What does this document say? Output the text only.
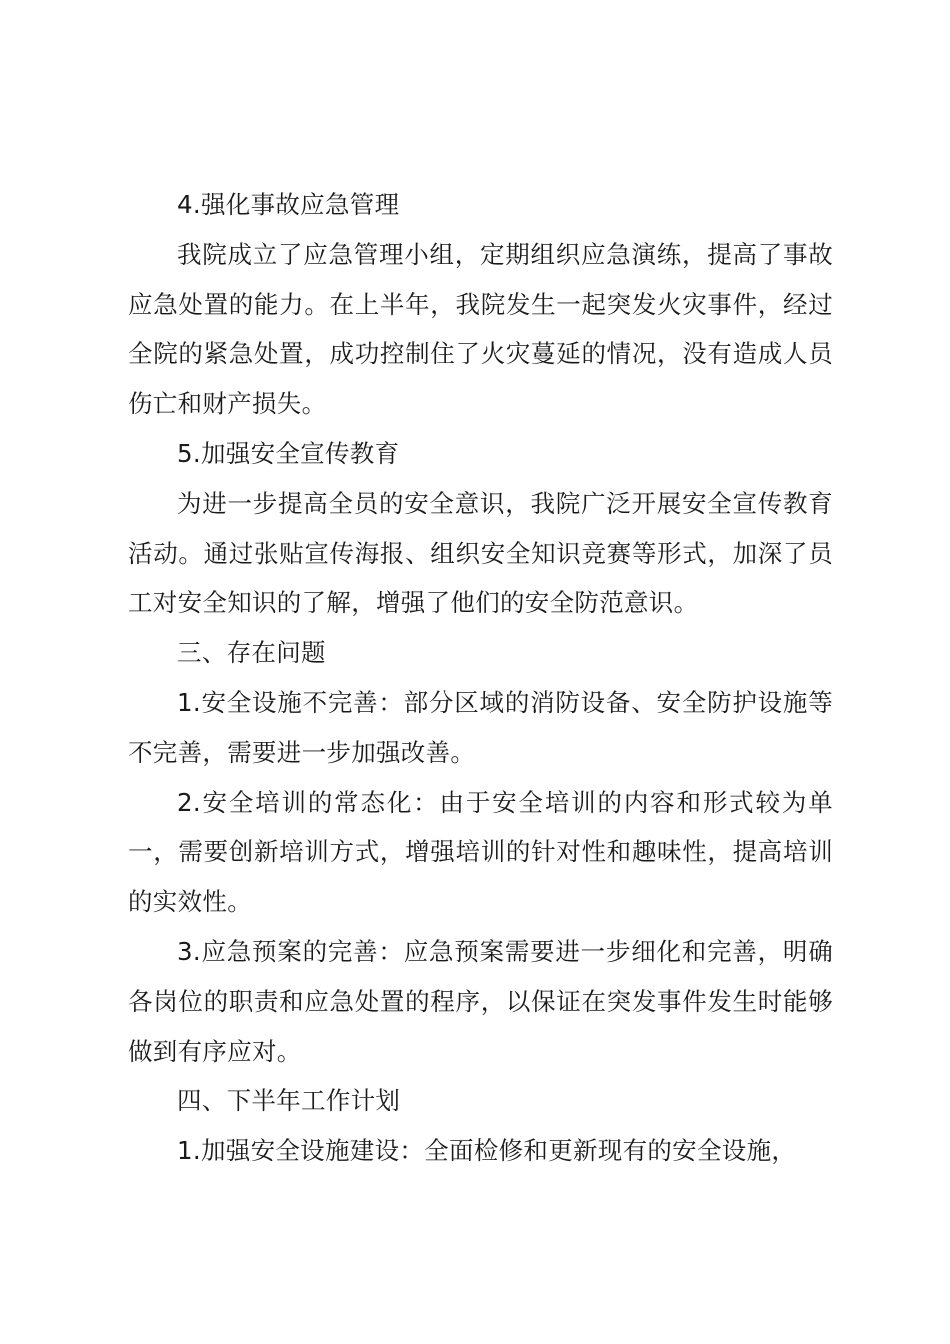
4.强化事故应急管理

我院成立了应急管理小组，定期组织应急演练，提高了事故应急处置的能力。在上半年，我院发生一起突发火灾事件，经过全院的紧急处置，成功控制住了火灾蔓延的情况，没有造成人员伤亡和财产损失。

5.加强安全宣传教育

为进一步提高全员的安全意识，我院广泛开展安全宣传教育活动。通过张贴宣传海报、组织安全知识竞赛等形式，加深了员工对安全知识的了解，增强了他们的安全防范意识。

三、存在问题

1.安全设施不完善：部分区域的消防设备、安全防护设施等不完善，需要进一步加强改善。

2.安全培训的常态化：由于安全培训的内容和形式较为单一，需要创新培训方式，增强培训的针对性和趣味性，提高培训的实效性。

3.应急预案的完善：应急预案需要进一步细化和完善，明确各岗位的职责和应急处置的程序，以保证在突发事件发生时能够做到有序应对。

四、下半年工作计划

1.加强安全设施建设：全面检修和更新现有的安全设施，
